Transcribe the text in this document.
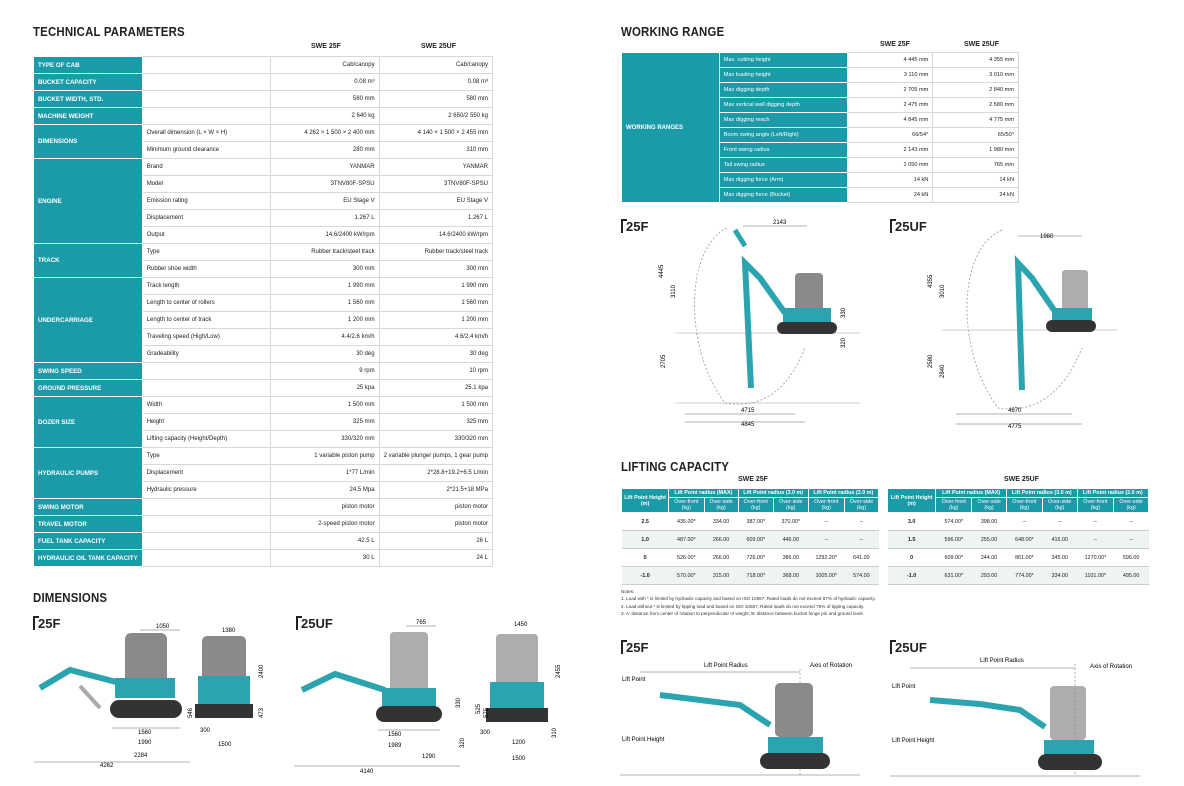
TECHNICAL PARAMETERS
SWE 25F	SWE 25UF
TYPE OF CAB		Cab/canopy	Cab/canopy
BUCKET CAPACITY		0.08 m³	0.08 m³
BUCKET WIDTH, STD.		580 mm	580 mm
MACHINE WEIGHT		2 640 kg	2 650/2 550 kg
DIMENSIONS	Overall dimension (L × W × H)	4 262 × 1 500 × 2 400 mm	4 140 × 1 500 × 2 455 mm
	Minimum ground clearance	280 mm	310 mm
ENGINE	Brand	YANMAR	YANMAR
	Model	3TNV80F-SPSU	3TNV80F-SPSU
	Emission rating	EU Stage V	EU Stage V
	Displacement	1.267 L	1.267 L
	Output	14.6/2400 kW/rpm	14.6/2400 kW/rpm
TRACK	Type	Rubber track/steel track	Rubber track/steel track
	Rubber shoe width	300 mm	300 mm
UNDERCARRIAGE	Track length	1 990 mm	1 990 mm
	Length to center of rollers	1 560 mm	1 560 mm
	Length to center of track	1 200 mm	1 200 mm
	Traveling speed (High/Low)	4.4/2.6 km/h	4.6/2.4 km/h
	Gradeability	30 deg	30 deg
SWING SPEED		9 rpm	10 rpm
GROUND PRESSURE		25 kpa	25.1 kpa
DOZER SIZE	Width	1 500 mm	1 500 mm
	Height	325 mm	325 mm
	Lifting capacity (Height/Depth)	330/320 mm	330/320 mm
HYDRAULIC PUMPS	Type	1 variable piston pump	2 variable plunger pumps, 1 gear pump
	Displacement	1*77 L/min	2*28.8+19.2+6.5 L/min
	Hydraulic pressure	24.5 Mpa	2*21.5+18 MPa
SWING MOTOR		piston motor	piston motor
TRAVEL MOTOR		2-speed piston motor	piston motor
FUEL TANK CAPACITY		42.5 L	26 L
HYDRAULIC OIL TANK CAPACITY		30 L	24 L
WORKING RANGE
SWE 25F	SWE 25UF
WORKING RANGES	Max. cutting height	4 445 mm	4 355 mm
	Max loading height	3 110 mm	3 010 mm
	Max digging depth	2 705 mm	2 840 mm
	Max vertical wall digging depth	2 475 mm	2 580 mm
	Max digging reach	4 845 mm	4 775 mm
	Boom swing angle (Left/Right)	66/54°	65/50°
	Front swing radius	2 143 mm	1 980 mm
	Tail swing radius	1 050 mm	765 mm
	Max digging force (Arm)	14 kN	14 kN
	Max digging force (Bucket)	24 kN	24 kN
25F	2143
4445
3110
330
320
2705
4715
4845
25UF
1980
4355
3010
2580
2840
4670
4775
LIFTING CAPACITY
SWE 25F	SWE 25UF
Lift Point Height (m)	Lift Point radius (MAX)		Lift Point radius (3.0 m)		Lift Point radius (2.0 m)	
	Over-front (kg)	Over-side (kg)	Over-front (kg)	Over-side (kg)	Over-front (kg)	Over-side (kg)
2.5	435.00*	334.00	387.00*	370.00*	–	–
1.0	487.00*	266.00	609.00*	446.00	–	–
0	526.00*	266.00	726.00*	386.00	1292.20*	641.00
-1.0	570.00*	315.00	718.00*	368.00	1005.00*	574.00
Lift Point Height (m)	Lift Point radius (MAX)		Lift Point radius (3.0 m)		Lift Point radius (2.0 m)	
	Over-front (kg)	Over-side (kg)	Over-front (kg)	Over-side (kg)	Over-front (kg)	Over-side (kg)
3.0	574.00*	398.00	–	–	–	–
1.5	596.00*	255.00	648.00*	416.00	–	–
0	609.00*	244.00	861.00*	345.00	1270.00*	596.00
-1.0	631.00*	293.00	774.00*	334.00	1101.00*	495.00
Notes:
1. Load with * is limited by hydraulic capacity and based on ISO 10567. Rated loads do not exceed 87% of hydraulic capacity.
2. Load without * is limited by tipping load and based on ISO 10567. Rated loads do not exceed 75% of tipping capacity.
3. A: distance from center of rotation to perpendicular of weight; B: distance between bucket hinge pin and ground level.
25F
Lift Point Radius	Axis of Rotation
Lift Point
Lift Point Height
25UF
Lift Point Radius
Axis of Rotation
Lift Point
Lift Point Height
DIMENSIONS
25F	1050
546
1560
1990
2284
4262
1380
2400
473
300
1500
25UF	765
330
1560
1989
1290
4140
1450
2455
525 575
300
320	1200
1500
310
